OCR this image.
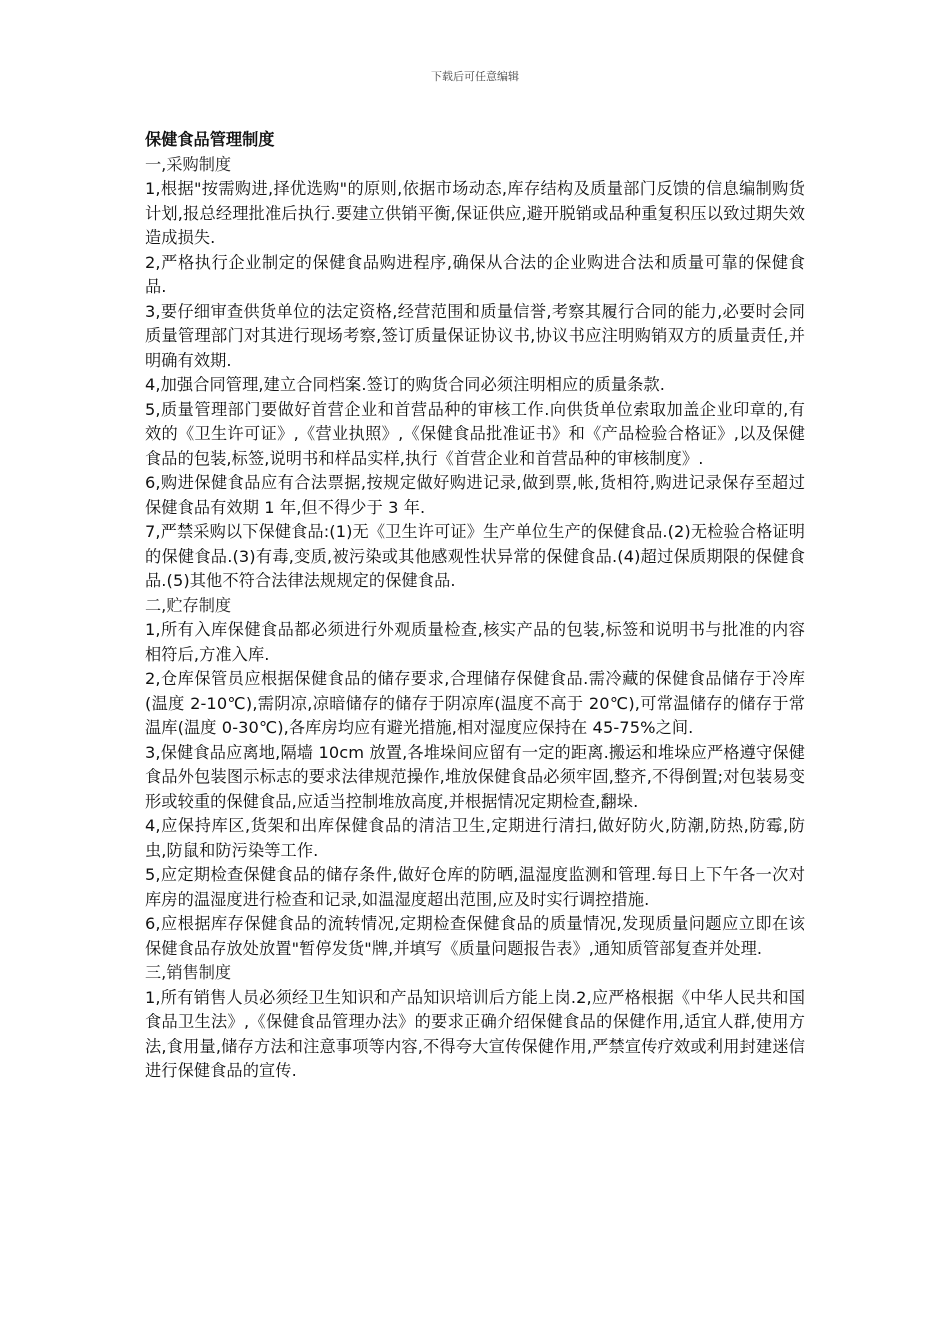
下载后可任意编辑

保健食品管理制度

一,采购制度

1,根据"按需购进,择优选购"的原则,依据市场动态,库存结构及质量部门反馈的信息编制购货计划,报总经理批准后执行.要建立供销平衡,保证供应,避开脱销或品种重复积压以致过期失效造成损失.

2,严格执行企业制定的保健食品购进程序,确保从合法的企业购进合法和质量可靠的保健食品.

3,要仔细审查供货单位的法定资格,经营范围和质量信誉,考察其履行合同的能力,必要时会同质量管理部门对其进行现场考察,签订质量保证协议书,协议书应注明购销双方的质量责任,并明确有效期.

4,加强合同管理,建立合同档案.签订的购货合同必须注明相应的质量条款.

5,质量管理部门要做好首营企业和首营品种的审核工作.向供货单位索取加盖企业印章的,有效的《卫生许可证》,《营业执照》,《保健食品批准证书》和《产品检验合格证》,以及保健食品的包装,标签,说明书和样品实样,执行《首营企业和首营品种的审核制度》.

6,购进保健食品应有合法票据,按规定做好购进记录,做到票,帐,货相符,购进记录保存至超过保健食品有效期 1 年,但不得少于 3 年.

7,严禁采购以下保健食品:(1)无《卫生许可证》生产单位生产的保健食品.(2)无检验合格证明的保健食品.(3)有毒,变质,被污染或其他感观性状异常的保健食品.(4)超过保质期限的保健食品.(5)其他不符合法律法规规定的保健食品.

二,贮存制度

1,所有入库保健食品都必须进行外观质量检查,核实产品的包装,标签和说明书与批准的内容相符后,方准入库.

2,仓库保管员应根据保健食品的储存要求,合理储存保健食品.需冷藏的保健食品储存于冷库(温度 2-10℃),需阴凉,凉暗储存的储存于阴凉库(温度不高于 20℃),可常温储存的储存于常温库(温度 0-30℃),各库房均应有避光措施,相对湿度应保持在 45-75%之间.

3,保健食品应离地,隔墙 10cm 放置,各堆垛间应留有一定的距离.搬运和堆垛应严格遵守保健食品外包装图示标志的要求法律规范操作,堆放保健食品必须牢固,整齐,不得倒置;对包装易变形或较重的保健食品,应适当控制堆放高度,并根据情况定期检查,翻垛.

4,应保持库区,货架和出库保健食品的清洁卫生,定期进行清扫,做好防火,防潮,防热,防霉,防虫,防鼠和防污染等工作.

5,应定期检查保健食品的储存条件,做好仓库的防晒,温湿度监测和管理.每日上下午各一次对库房的温湿度进行检查和记录,如温湿度超出范围,应及时实行调控措施.

6,应根据库存保健食品的流转情况,定期检查保健食品的质量情况,发现质量问题应立即在该保健食品存放处放置"暂停发货"牌,并填写《质量问题报告表》,通知质管部复查并处理.

三,销售制度

1,所有销售人员必须经卫生知识和产品知识培训后方能上岗.2,应严格根据《中华人民共和国食品卫生法》,《保健食品管理办法》的要求正确介绍保健食品的保健作用,适宜人群,使用方法,食用量,储存方法和注意事项等内容,不得夸大宣传保健作用,严禁宣传疗效或利用封建迷信进行保健食品的宣传.
